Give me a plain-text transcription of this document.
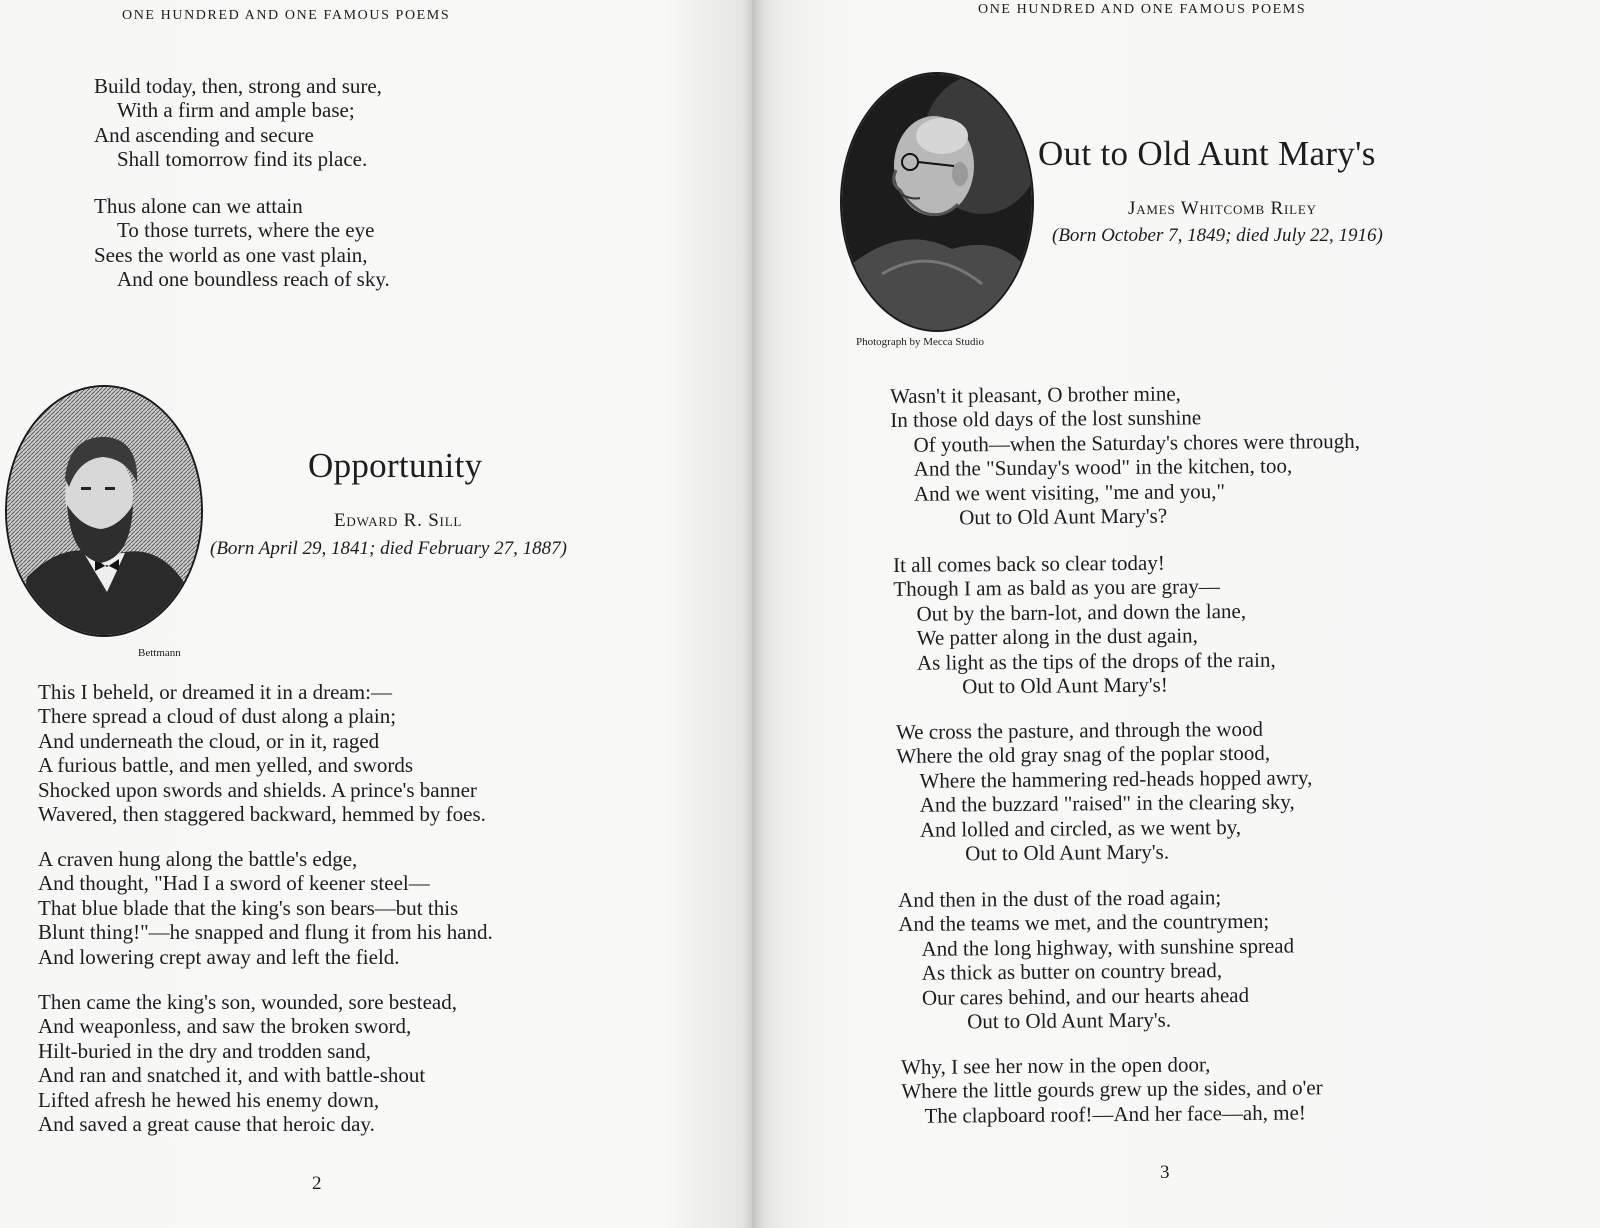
ONE HUNDRED AND ONE FAMOUS POEMS
Build today, then, strong and sure,
With a firm and ample base;
And ascending and secure
Shall tomorrow find its place.
Thus alone can we attain
To those turrets, where the eye
Sees the world as one vast plain,
And one boundless reach of sky.
Bettmann
Opportunity
Edward R. Sill
(Born April 29, 1841; died February 27, 1887)
This I beheld, or dreamed it in a dream:—
There spread a cloud of dust along a plain;
And underneath the cloud, or in it, raged
A furious battle, and men yelled, and swords
Shocked upon swords and shields. A prince's banner
Wavered, then staggered backward, hemmed by foes.
A craven hung along the battle's edge,
And thought, "Had I a sword of keener steel—
That blue blade that the king's son bears—but this
Blunt thing!"—he snapped and flung it from his hand.
And lowering crept away and left the field.
Then came the king's son, wounded, sore bestead,
And weaponless, and saw the broken sword,
Hilt-buried in the dry and trodden sand,
And ran and snatched it, and with battle-shout
Lifted afresh he hewed his enemy down,
And saved a great cause that heroic day.
2
ONE HUNDRED AND ONE FAMOUS POEMS
Photograph by Mecca Studio
Out to Old Aunt Mary's
James Whitcomb Riley
(Born October 7, 1849; died July 22, 1916)
Wasn't it pleasant, O brother mine,
In those old days of the lost sunshine
Of youth—when the Saturday's chores were through,
And the "Sunday's wood" in the kitchen, too,
And we went visiting, "me and you,"
Out to Old Aunt Mary's?
It all comes back so clear today!
Though I am as bald as you are gray—
Out by the barn-lot, and down the lane,
We patter along in the dust again,
As light as the tips of the drops of the rain,
Out to Old Aunt Mary's!
We cross the pasture, and through the wood
Where the old gray snag of the poplar stood,
Where the hammering red-heads hopped awry,
And the buzzard "raised" in the clearing sky,
And lolled and circled, as we went by,
Out to Old Aunt Mary's.
And then in the dust of the road again;
And the teams we met, and the countrymen;
And the long highway, with sunshine spread
As thick as butter on country bread,
Our cares behind, and our hearts ahead
Out to Old Aunt Mary's.
Why, I see her now in the open door,
Where the little gourds grew up the sides, and o'er
The clapboard roof!—And her face—ah, me!
3
